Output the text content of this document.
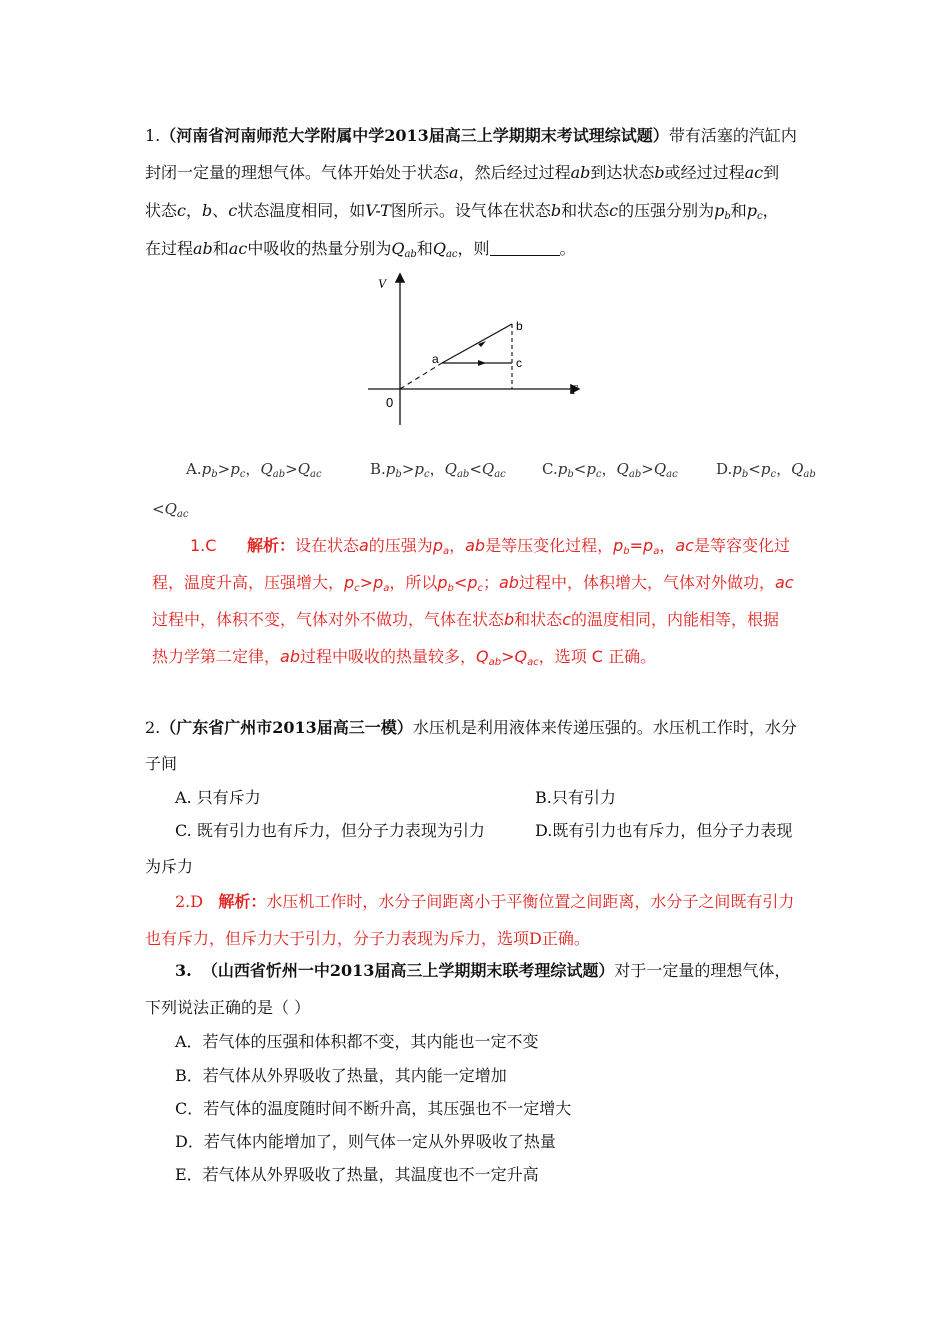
1.（河南省河南师范大学附属中学2013届高三上学期期末考试理综试题）带有活塞的汽缸内
封闭一定量的理想气体。气体开始处于状态a，然后经过过程ab到达状态b或经过过程ac到
状态c，b、c状态温度相同，如V-T图所示。设气体在状态b和状态c的压强分别为$p_b$和$p_c$，
在过程ab和ac中吸收的热量分别为$Q_{ab}$和$Q_{ac}$，则	。
V
T
0
a
b
c
$A.p_b>p_c$，$Q_{ab}>Q_{ac}$	$B.p_b>p_c$，$Q_{ab}<Q_{ac}$ $C.p_b<p_c$，$Q_{ab}>Q_{ac}$	$D.p_b<p_c$，$Q_{ab}$
$<Q_{ac}$
1.C 解析：设在状态a的压强为$p_a$，ab是等压变化过程，$p_b=p_a$，ac是等容变化过
程，温度升高，压强增大，$p_c>p_a$，所以$p_b<p_c$；ab过程中，体积增大，气体对外做功，ac
过程中，体积不变，气体对外不做功，气体在状态b和状态c的温度相同，内能相等，根据
热力学第二定律，ab过程中吸收的热量较多，$Q_{ab}>Q_{ac}$，选项 C 正确。
2.（广东省广州市2013届高三一模）水压机是利用液体来传递压强的。水压机工作时，水分
子间
A. 只有斥力	B.只有引力
C. 既有引力也有斥力，但分子力表现为引力	D.既有引力也有斥力，但分子力表现
为斥力
2.D 解析：水压机工作时，水分子间距离小于平衡位置之间距离，水分子之间既有引力
也有斥力，但斥力大于引力，分子力表现为斥力，选项D正确。
3. （山西省忻州一中2013届高三上学期期末联考理综试题）对于一定量的理想气体，
下列说法正确的是（ ）
A．若气体的压强和体积都不变，其内能也一定不变
B．若气体从外界吸收了热量，其内能一定增加
C．若气体的温度随时间不断升高，其压强也不一定增大
D．若气体内能增加了，则气体一定从外界吸收了热量
E．若气体从外界吸收了热量，其温度也不一定升高
